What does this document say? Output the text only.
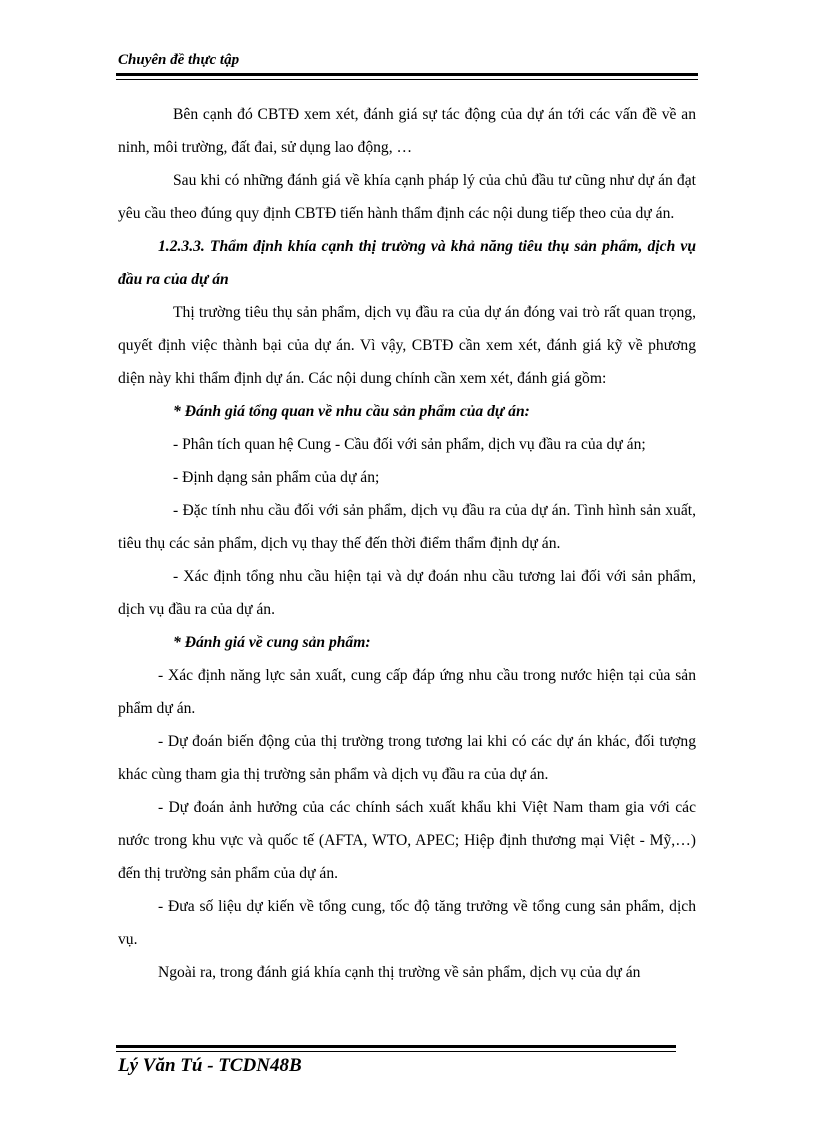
Chuyên đề thực tập

Bên cạnh đó CBTĐ xem xét, đánh giá sự tác động của dự án tới các vấn đề về an ninh, môi trường, đất đai, sử dụng lao động, …

Sau khi có những đánh giá về khía cạnh pháp lý của chủ đầu tư cũng như dự án đạt yêu cầu theo đúng quy định CBTĐ tiến hành thẩm định các nội dung tiếp theo của dự án.

1.2.3.3. Thẩm định khía cạnh thị trường và khả năng tiêu thụ sản phẩm, dịch vụ đầu ra của dự án

Thị trường tiêu thụ sản phẩm, dịch vụ đầu ra của dự án đóng vai trò rất quan trọng, quyết định việc thành bại của dự án. Vì vậy, CBTĐ cần xem xét, đánh giá kỹ về phương diện này khi thẩm định dự án. Các nội dung chính cần xem xét, đánh giá gồm:

* Đánh giá tổng quan về nhu cầu sản phẩm của dự án:

- Phân tích quan hệ Cung - Cầu đối với sản phẩm, dịch vụ đầu ra của dự án;

- Định dạng sản phẩm của dự án;

- Đặc tính nhu cầu đối với sản phẩm, dịch vụ đầu ra của dự án. Tình hình sản xuất, tiêu thụ các sản phẩm, dịch vụ thay thế đến thời điểm thẩm định dự án.

- Xác định tổng nhu cầu hiện tại và dự đoán nhu cầu tương lai đối với sản phẩm, dịch vụ đầu ra của dự án.

* Đánh giá về cung sản phẩm:

- Xác định năng lực sản xuất, cung cấp đáp ứng nhu cầu trong nước hiện tại của sản phẩm dự án.

- Dự đoán biến động của thị trường trong tương lai khi có các dự án khác, đối tượng khác cùng tham gia thị trường sản phẩm và dịch vụ đầu ra của dự án.

- Dự đoán ảnh hưởng của các chính sách xuất khẩu khi Việt Nam tham gia với các nước trong khu vực và quốc tế (AFTA, WTO, APEC; Hiệp định thương mại Việt - Mỹ,…) đến thị trường sản phẩm của dự án.

- Đưa số liệu dự kiến về tổng cung, tốc độ tăng trưởng về tổng cung sản phẩm, dịch vụ.

Ngoài ra, trong đánh giá khía cạnh thị trường về sản phẩm, dịch vụ của dự án

Lý Văn Tú - TCDN48B
